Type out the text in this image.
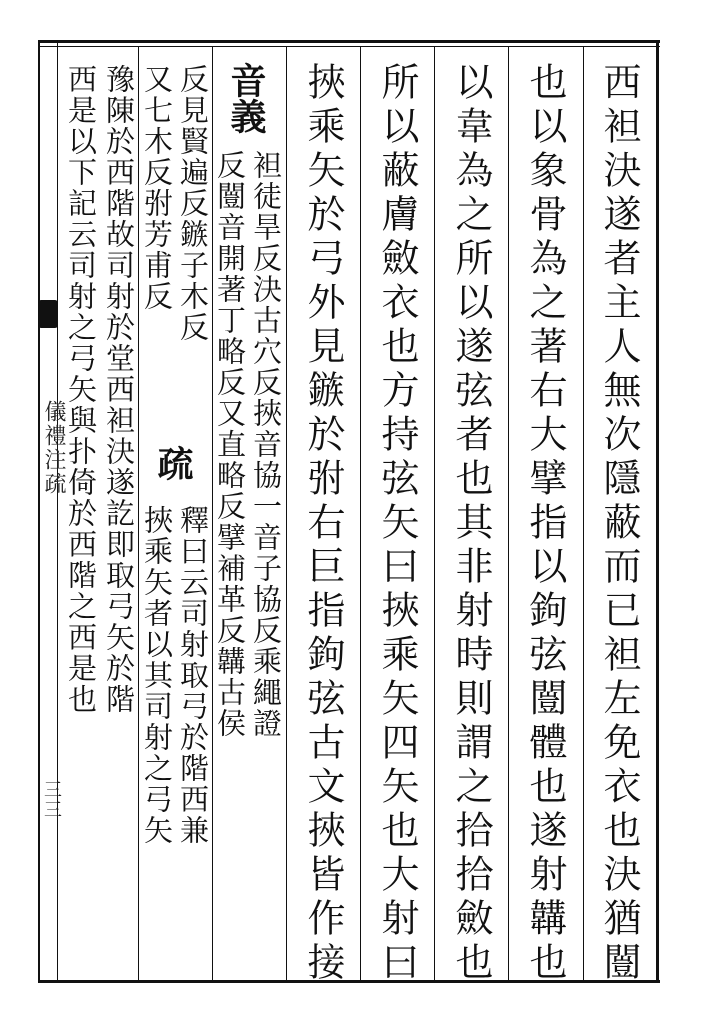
儀禮注疏
三三	西袒決遂者主人無次隱蔽而已袒左免衣也決猶闓
也以象骨為之著右大擘指以鉤弦闓體也遂射韝也
以韋為之所以遂弦者也其非射時則謂之拾拾斂也
所以蔽膚斂衣也方持弦矢曰挾乘矢四矢也大射曰
挾乘矢於弓外見鏃於弣右巨指鉤弦古文挾皆作接
音義
袒徒旱反決古穴反挾音協一音子協反乘繩證
反闓音開著丁略反又直略反擘補革反韝古侯
反見賢遍反鏃子木反
又七木反弣芳甫反
疏
釋曰云司射取弓於階西兼
挾乘矢者以其司射之弓矢
豫陳於西階故司射於堂西袒決遂訖即取弓矢於階
西是以下記云司射之弓矢與扑倚於西階之西是也
